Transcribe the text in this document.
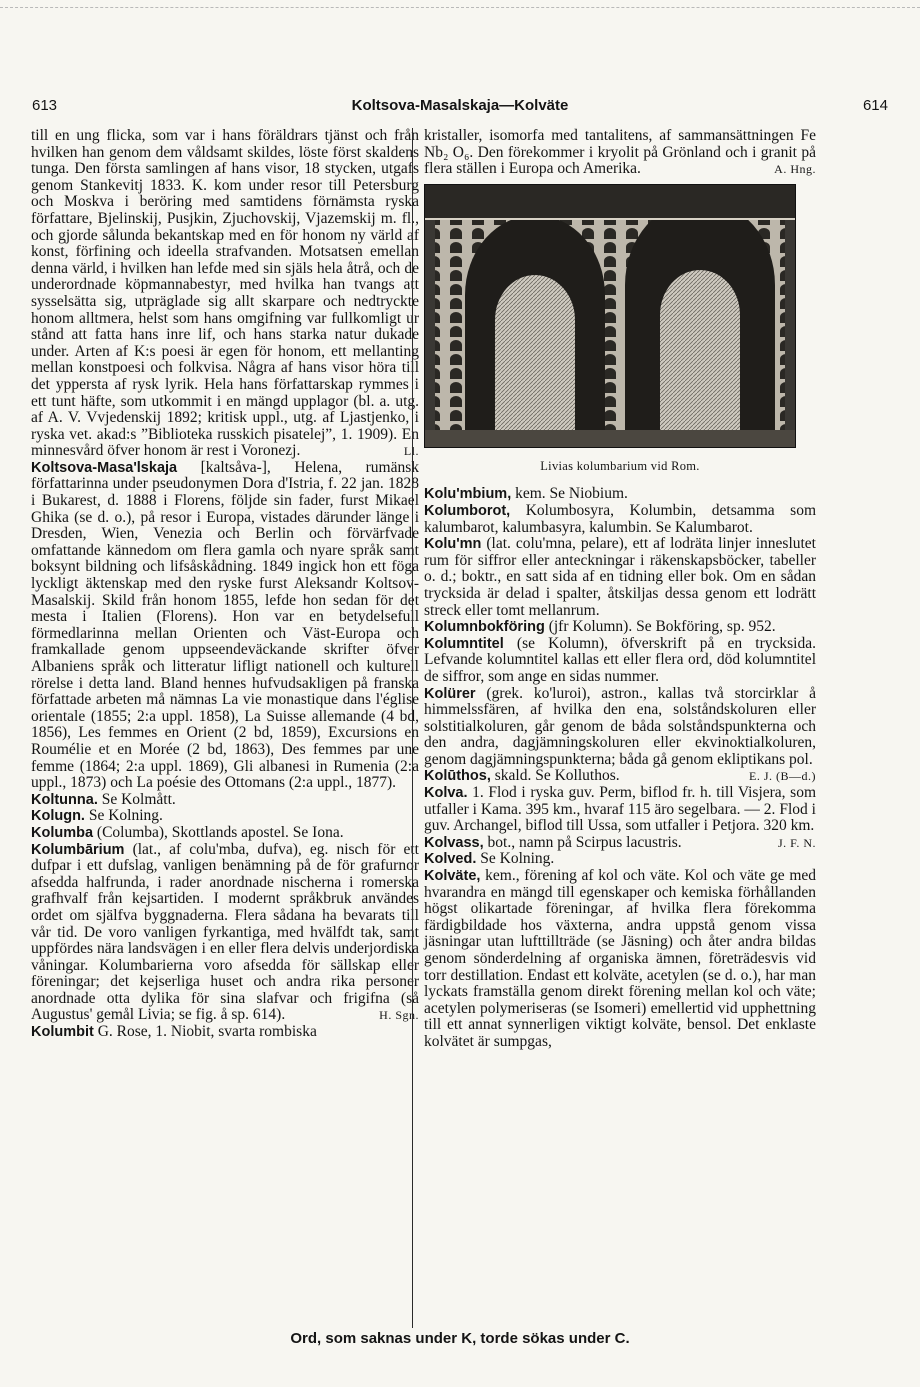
613	Koltsova-Masalskaja—Kolväte	614

till en ung flicka, som var i hans föräldrars tjänst och från hvilken han genom dem våldsamt skildes, löste först skaldens tunga. Den första samlingen af hans visor, 18 stycken, utgafs genom Stankevitj 1833. K. kom under resor till Petersburg och Moskva i beröring med samtidens förnämsta ryska författare, Bjelinskij, Pusjkin, Zjuchovskij, Vjazemskij m. fl., och gjorde sålunda bekantskap med en för honom ny värld af konst, förfining och ideella strafvanden. Motsatsen emellan denna värld, i hvilken han lefde med sin själs hela åtrå, och de underordnade köpmannabestyr, med hvilka han tvangs att sysselsätta sig, utpräglade sig allt skarpare och nedtryckte honom alltmera, helst som hans omgifning var fullkomligt ur stånd att fatta hans inre lif, och hans starka natur dukade under. Arten af K:s poesi är egen för honom, ett mellanting mellan konstpoesi och folkvisa. Några af hans visor höra till det yppersta af rysk lyrik. Hela hans författarskap rymmes i ett tunt häfte, som utkommit i en mängd upplagor (bl. a. utg. af A. V. Vvjedenskij 1892; kritisk uppl., utg. af Ljastjenko, i ryska vet. akad:s ”Biblioteka russkich pisatelej”, 1. 1909). En minnesvård öfver honom är rest i Voronezj.	Ll.

Koltsova-Masa'lskaja [kaltsåva-], Helena, rumänsk författarinna under pseudonymen Dora d'Istria, f. 22 jan. 1828 i Bukarest, d. 1888 i Florens, följde sin fader, furst Mikael Ghika (se d. o.), på resor i Europa, vistades därunder länge i Dresden, Wien, Venezia och Berlin och förvärfvade omfattande kännedom om flera gamla och nyare språk samt boksynt bildning och lifsåskådning. 1849 ingick hon ett föga lyckligt äktenskap med den ryske furst Aleksandr Koltsov-Masalskij. Skild från honom 1855, lefde hon sedan för det mesta i Italien (Florens). Hon var en betydelsefull förmedlarinna mellan Orienten och Väst-Europa och framkallade genom uppseendeväckande skrifter öfver Albaniens språk och litteratur lifligt nationell och kulturell rörelse i detta land. Bland hennes hufvudsakligen på franska författade arbeten må nämnas La vie monastique dans l'église orientale (1855; 2:a uppl. 1858), La Suisse allemande (4 bd, 1856), Les femmes en Orient (2 bd, 1859), Excursions en Roumélie et en Morée (2 bd, 1863), Des femmes par une femme (1864; 2:a uppl. 1869), Gli albanesi in Rumenia (2:a uppl., 1873) och La poésie des Ottomans (2:a uppl., 1877).

Koltunna. Se Kolmått.

Kolugn. Se Kolning.

Kolumba (Columba), Skottlands apostel. Se Iona.

Kolumbārium (lat., af colu'mba, dufva), eg. nisch för ett dufpar i ett dufslag, vanligen benämning på de för grafurnor afsedda halfrunda, i rader anordnade nischerna i romerska grafhvalf från kejsartiden. I modernt språkbruk användes ordet om själfva byggnaderna. Flera sådana ha bevarats till vår tid. De voro vanligen fyrkantiga, med hvälfdt tak, samt uppfördes nära landsvägen i en eller flera delvis underjordiska våningar. Kolumbarierna voro afsedda för sällskap eller föreningar; det kejserliga huset och andra rika personer anordnade otta dylika för sina slafvar och frigifna (så Augustus' gemål Livia; se fig. å sp. 614).	H. Sgn.

Kolumbit G. Rose, 1. Niobit, svarta rombiska

kristaller, isomorfa med tantalitens, af sammansättningen Fe Nb₂ O₆. Den förekommer i kryolit på Grönland och i granit på flera ställen i Europa och Amerika.	A. Hng.

Livias kolumbarium vid Rom.

Kolu'mbium, kem. Se Niobium.

Kolumborot, Kolumbosyra, Kolumbin, detsamma som kalumbarot, kalumbasyra, kalumbin. Se Kalumbarot.

Kolu'mn (lat. colu'mna, pelare), ett af lodräta linjer inneslutet rum för siffror eller anteckningar i räkenskapsböcker, tabeller o. d.; boktr., en satt sida af en tidning eller bok. Om en sådan trycksida är delad i spalter, åtskiljas dessa genom ett lodrätt streck eller tomt mellanrum.

Kolumnbokföring (jfr Kolumn). Se Bokföring, sp. 952.

Kolumntitel (se Kolumn), öfverskrift på en trycksida. Lefvande kolumntitel kallas ett eller flera ord, död kolumntitel de siffror, som ange en sidas nummer.

Kolürer (grek. ko'luroi), astron., kallas två storcirklar å himmelssfären, af hvilka den ena, solståndskoluren eller solstitialkoluren, går genom de båda solståndspunkterna och den andra, dagjämningskoluren eller ekvinoktialkoluren, genom dagjämningspunkterna; båda gå genom ekliptikans pol.
E. J. (B—d.)

Kolūthos, skald. Se Kolluthos.

Kolva. 1. Flod i ryska guv. Perm, biflod fr. h. till Visjera, som utfaller i Kama. 395 km., hvaraf 115 äro segelbara. — 2. Flod i guv. Archangel, biflod till Ussa, som utfaller i Petjora. 320 km.
J. F. N.

Kolvass, bot., namn på Scirpus lacustris.

Kolved. Se Kolning.

Kolväte, kem., förening af kol och väte. Kol och väte ge med hvarandra en mängd till egenskaper och kemiska förhållanden högst olikartade föreningar, af hvilka flera förekomma färdigbildade hos växterna, andra uppstå genom vissa jäsningar utan lufttillträde (se Jäsning) och åter andra bildas genom sönderdelning af organiska ämnen, företrädesvis vid torr destillation. Endast ett kolväte, acetylen (se d. o.), har man lyckats framställa genom direkt förening mellan kol och väte; acetylen polymeriseras (se Isomeri) emellertid vid upphettning till ett annat synnerligen viktigt kolväte, bensol. Det enklaste kolvätet är sumpgas,

Ord, som saknas under K, torde sökas under C.
